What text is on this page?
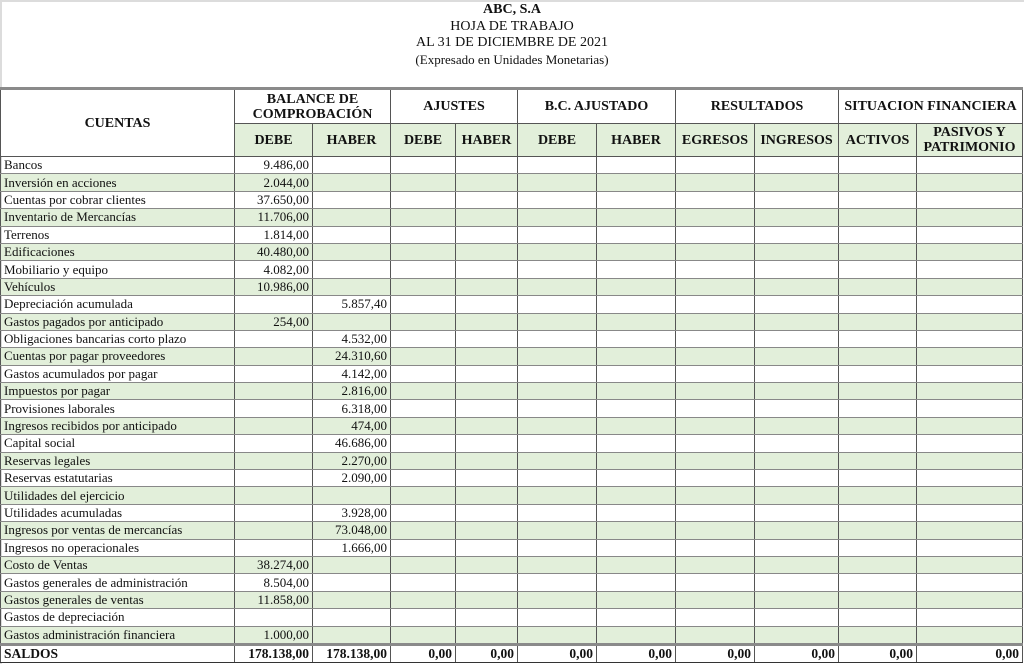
ABC, S.A
HOJA DE TRABAJO
AL 31 DE DICIEMBRE DE 2021
(Expresado en Unidades Monetarias)
CUENTAS	BALANCE DE COMPROBACIÓN		AJUSTES		B.C. AJUSTADO		RESULTADOS		SITUACION FINANCIERA	
	DEBE	HABER	DEBE	HABER	DEBE	HABER	EGRESOS	INGRESOS	ACTIVOS	PASIVOS Y PATRIMONIO
Bancos	9.486,00									
Inversión en acciones	2.044,00									
Cuentas por cobrar clientes	37.650,00									
Inventario de Mercancías	11.706,00									
Terrenos	1.814,00									
Edificaciones	40.480,00									
Mobiliario y equipo	4.082,00									
Vehículos	10.986,00									
Depreciación acumulada		5.857,40								
Gastos pagados por anticipado	254,00									
Obligaciones bancarias corto plazo		4.532,00								
Cuentas por pagar proveedores		24.310,60								
Gastos acumulados por pagar		4.142,00								
Impuestos por pagar		2.816,00								
Provisiones laborales		6.318,00								
Ingresos recibidos por anticipado		474,00								
Capital social		46.686,00								
Reservas legales		2.270,00								
Reservas estatutarias		2.090,00								
Utilidades del ejercicio										
Utilidades acumuladas		3.928,00								
Ingresos por ventas de mercancías		73.048,00								
Ingresos no operacionales		1.666,00								
Costo de Ventas	38.274,00									
Gastos generales de administración	8.504,00									
Gastos generales de ventas	11.858,00									
Gastos de depreciación										
Gastos administración financiera	1.000,00									
SALDOS	178.138,00	178.138,00	0,00	0,00	0,00	0,00	0,00	0,00	0,00	0,00
